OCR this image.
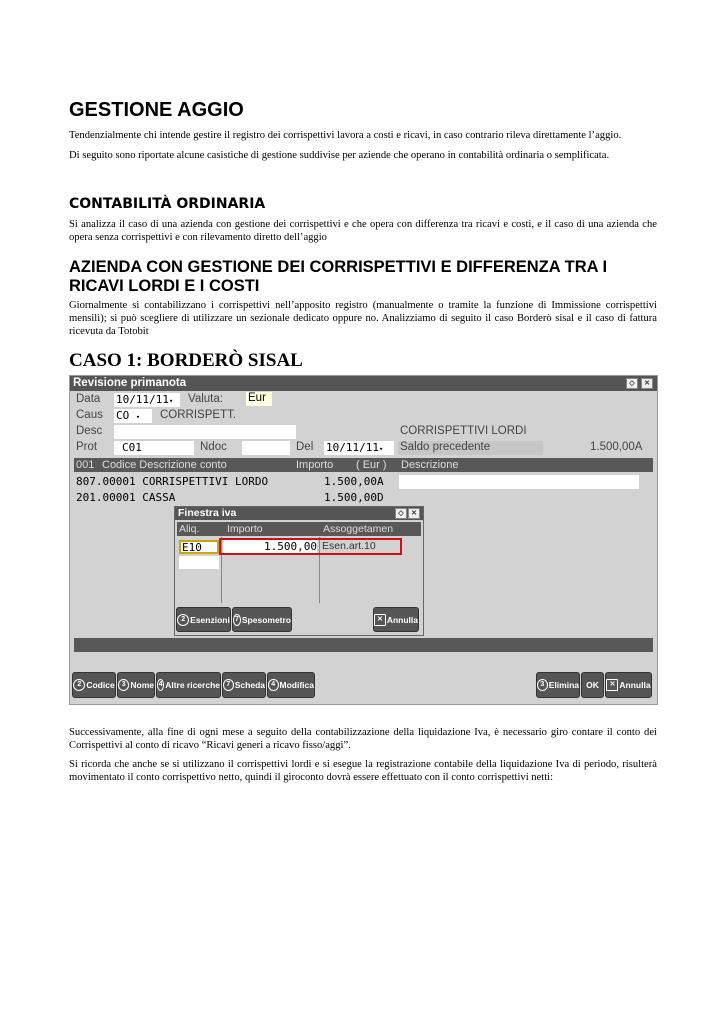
GESTIONE AGGIO
Tendenzialmente chi intende gestire il registro dei corrispettivi lavora a costi e ricavi, in caso contrario rileva direttamente l’aggio.
Di seguito sono riportate alcune casistiche di gestione suddivise per aziende che operano in contabilità ordinaria o semplificata.
CONTABILITÀ ORDINARIA
Si analizza il caso di una azienda con gestione dei corrispettivi e che opera con differenza tra ricavi e costi, e il caso di una azienda che opera senza corrispettivi e con rilevamento diretto dell’aggio
AZIENDA CON GESTIONE DEI CORRISPETTIVI E DIFFERENZA TRA I RICAVI LORDI E I COSTI
Giornalmente si contabilizzano i corrispettivi nell’apposito registro (manualmente o tramite la funzione di Immissione corrispettivi mensili); si può scegliere di utilizzare un sezionale dedicato oppure no. Analizziamo di seguito il caso Borderò sisal e il caso di fattura ricevuta da Totobit
CASO 1: BORDERÒ SISAL
Revisione primanota	◇	✕
Data 10/11/11▾	Valuta: Eur
Caus CO ▾	CORRISPETT.
Desc	CORRISPETTIVI LORDI
Prot	C01	Ndoc	Del 10/11/11▾	Saldo precedente	1.500,00A
001 Codice Descrizione conto	Importo ( Eur ) Descrizione
807.00001 CORRISPETTIVI LORDO	1.500,00A
201.00001 CASSA	1.500,00D
Finestra iva	◇	✕
Aliq.	Importo	Assoggetamen
E10	1.500,00 Esen.art.10
2 Esenzioni 7 Spesometro	✕ Annulla
2 Codice	3 Nome 4 Altre ricerche 7 Scheda 4 Modifica	3 Elimina OK	✕ Annulla
Successivamente, alla fine di ogni mese a seguito della contabilizzazione della liquidazione Iva, è necessario giro contare il conto dei Corrispettivi al conto di ricavo “Ricavi generi a ricavo fisso/aggi”.
Si ricorda che anche se si utilizzano il corrispettivi lordi e si esegue la registrazione contabile della liquidazione Iva di periodo, risulterà movimentato il conto corrispettivo netto, quindi il giroconto dovrà essere effettuato con il conto corrispettivi netti:
